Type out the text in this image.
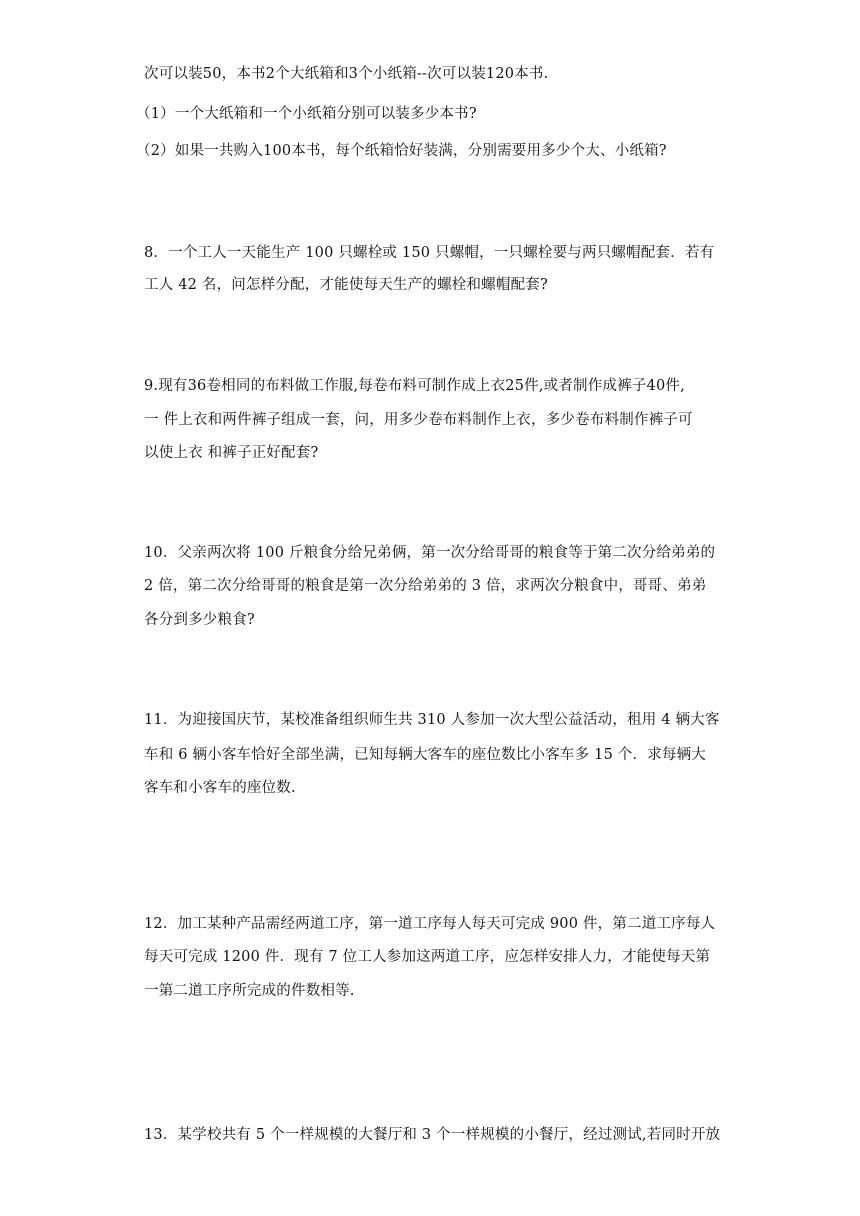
次可以装50，本书2个大纸箱和3个小纸箱--次可以装120本书.
（1）一个大纸箱和一个小纸箱分别可以装多少本书?
（2）如果一共购入100本书，每个纸箱恰好装满，分别需要用多少个大、小纸箱?
8．一个工人一天能生产 100 只螺栓或 150 只螺帽，一只螺栓要与两只螺帽配套．若有
工人 42 名，问怎样分配，才能使每天生产的螺栓和螺帽配套?
9.现有36卷相同的布料做工作服,每卷布料可制作成上衣25件,或者制作成裤子40件,
一 件上衣和两件裤子组成一套，问，用多少卷布料制作上衣，多少卷布料制作裤子可
以使上衣 和裤子正好配套?
10．父亲两次将 100 斤粮食分给兄弟俩，第一次分给哥哥的粮食等于第二次分给弟弟的
2 倍，第二次分给哥哥的粮食是第一次分给弟弟的 3 倍，求两次分粮食中，哥哥、弟弟
各分到多少粮食?
11．为迎接国庆节，某校准备组织师生共 310 人参加一次大型公益活动，租用 4 辆大客
车和 6 辆小客车恰好全部坐满，已知每辆大客车的座位数比小客车多 15 个．求每辆大
客车和小客车的座位数.
12．加工某种产品需经两道工序，第一道工序每人每天可完成 900 件，第二道工序每人
每天可完成 1200 件．现有 7 位工人参加这两道工序，应怎样安排人力，才能使每天第
一第二道工序所完成的件数相等.
13．某学校共有 5 个一样规模的大餐厅和 3 个一样规模的小餐厅，经过测试,若同时开放
